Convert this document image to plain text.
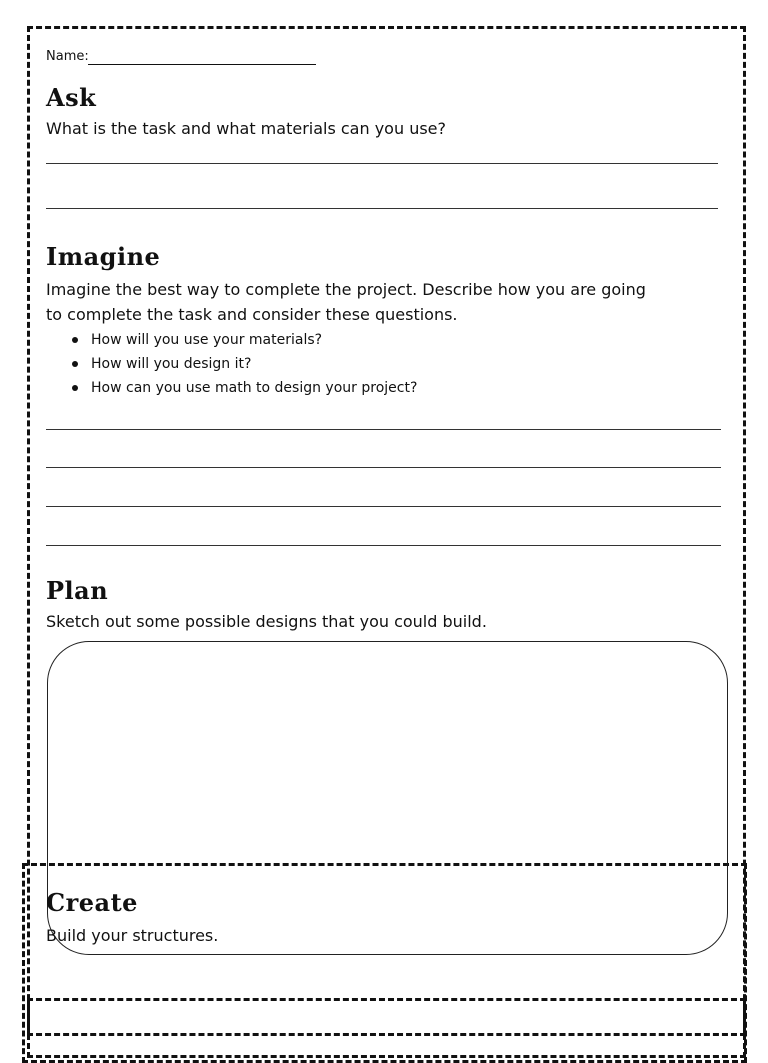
Name:
Ask
What is the task and what materials can you use?
Imagine
Imagine the best way to complete the project. Describe how you are going
to complete the task and consider these questions.
How will you use your materials?
How will you design it?
How can you use math to design your project?
Plan
Sketch out some possible designs that you could build.
Create
Build your structures.
